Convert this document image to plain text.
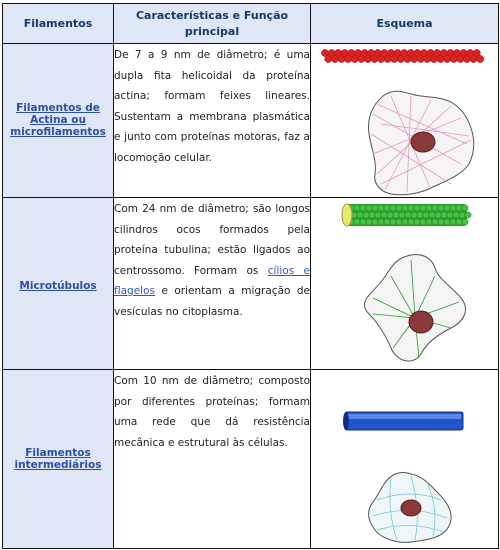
Filamentos	Características e Função principal	Esquema
Filamentos de Actina ou microfilamentos	De 7 a 9 nm de diâmetro; é uma dupla fita helicoidal da proteína actina; formam feixes lineares. Sustentam a membrana plasmática e junto com proteínas motoras, faz a locomoção celular.

Microtúbulos	Com 24 nm de diâmetro; são longos cilindros ocos formados pela proteína tubulina; estão ligados ao centrossomo. Formam os cílios e flagelos e orientam a migração de vesículas no citoplasma.

Filamentos intermediários	Com 10 nm de diâmetro; composto por diferentes proteínas; formam uma rede que dá resistência mecânica e estrutural às células.
